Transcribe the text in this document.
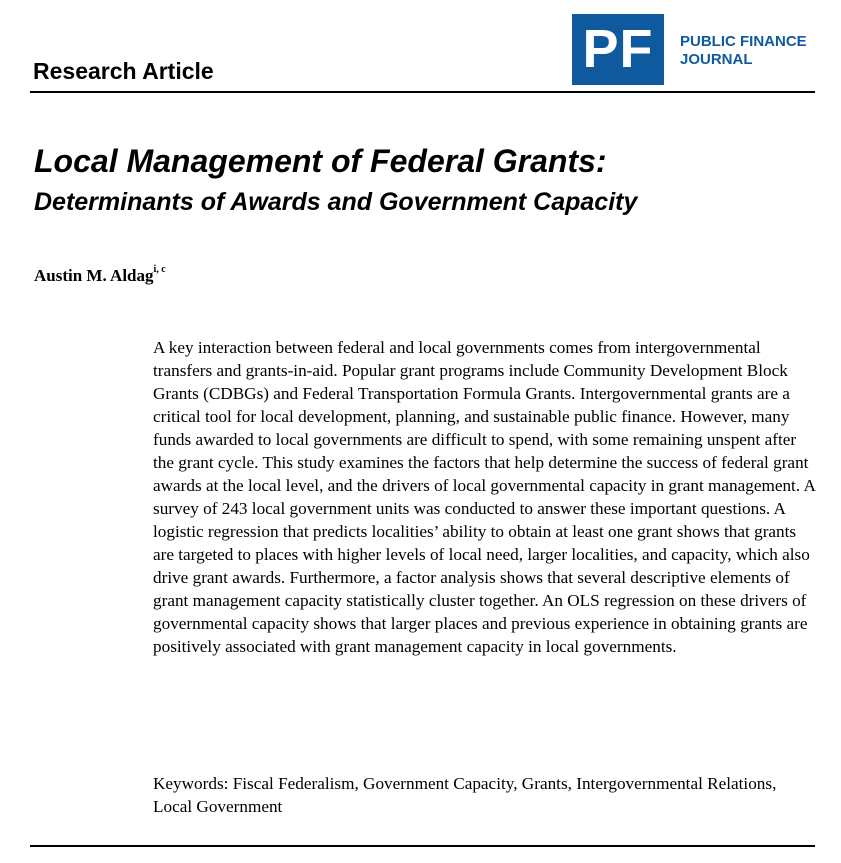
PF	PUBLIC FINANCE
JOURNAL
Research Article
Local Management of Federal Grants:
Determinants of Awards and Government Capacity
Austin M. Aldag$^{i, c}$

A key interaction between federal and local governments comes from intergovernmental transfers and grants-in-aid. Popular grant programs include Community Development Block Grants (CDBGs) and Federal Transportation Formula Grants. Intergovernmental grants are a critical tool for local development, planning, and sustainable public finance. However, many funds awarded to local governments are difficult to spend, with some remaining unspent after the grant cycle. This study examines the factors that help determine the success of federal grant awards at the local level, and the drivers of local governmental capacity in grant management. A survey of 243 local government units was conducted to answer these important questions. A logistic regression that predicts localities’ ability to obtain at least one grant shows that grants are targeted to places with higher levels of local need, larger localities, and capacity, which also drive grant awards. Furthermore, a factor analysis shows that several descriptive elements of grant management capacity statistically cluster together. An OLS regression on these drivers of governmental capacity shows that larger places and previous experience in obtaining grants are positively associated with grant management capacity in local governments.

Keywords: Fiscal Federalism, Government Capacity, Grants, Intergovernmental Relations, Local Government
